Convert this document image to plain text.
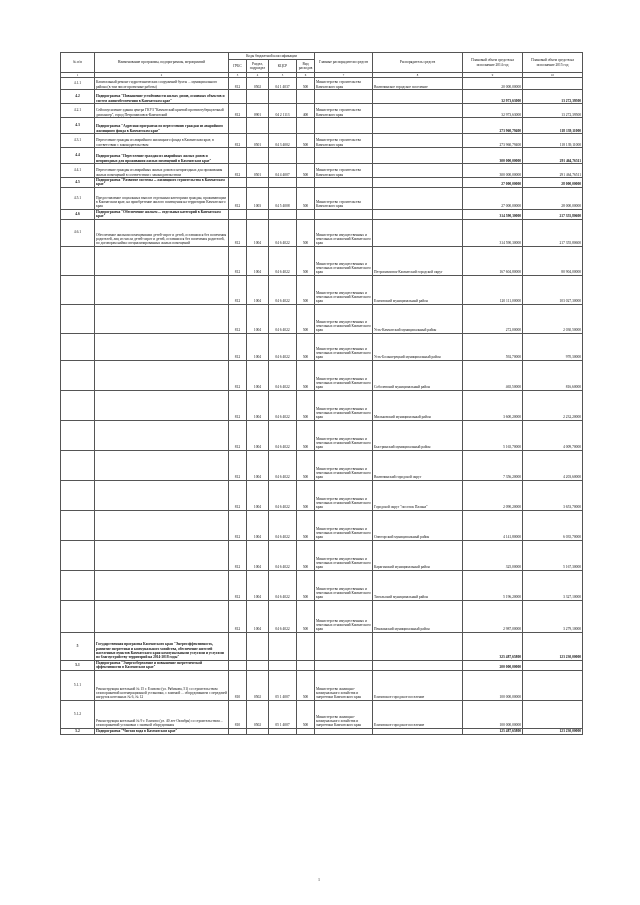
№ п/п	Наименование программы, подпрограммы, мероприятий	Коды бюджетной классификации				Главные распорядители средств	Распорядитель средств	Плановый объем средств на исполнение 2014 год	Плановый объем средств на исполнение 2015 год
		ГРБС	Раздел, подраздел	КЦСР	Вид расходов				
1	2	3	4	5	6	7	8	9	10
4.1.1	Капитальный ремонт гидротехнических сооружений бухты ... муниципального района (в том числе проектные работы)	812	0502	04 1 4037	500	Министерство строительства Камчатского края	Вилючинское городское поселение	20 000,00000	
4.2	Подпрограмма "Повышение устойчивости жилых домов, основных объектов и систем жизнеобеспечения в Камчатском крае"							32 973,63000	13 272,39500
4.2.1	Сейсмоусиление здания центра ГКУЗ "Камчатский краевой противотуберкулезный диспансер", город Петропавловск-Камчатский	812	0901	04 2 1113	400	Министерство строительства Камчатского края		32 973,63000	13 272,39500
4.3	Подпрограмма "Адресная программа по переселению граждан из аварийного жилищного фонда в Камчатском крае"							273 960,79400	118 139,11000
4.3.1	Переселение граждан из аварийного жилищного фонда в Камчатском крае, в соответствии с законодательством	812	0501	04 3 4002	500	Министерство строительства Камчатского края		273 960,79400	118 139,11000
4.4	Подпрограмма "Переселение граждан из аварийных жилых домов и непригодных для проживания жилых помещений в Камчатском крае"							300 000,00000	291 464,76511
4.4.1	Переселение граждан из аварийных жилых домов и непригодных для проживания жилых помещений в соответствии с законодательством	812	0501	04 4 4007	500	Министерство строительства Камчатского края		300 000,00000	291 464,76511
4.5	Подпрограмма "Развитие системы ... жилищного строительства в Камчатском крае"							27 000,00000	28 000,00000
4.5.1	Предоставление социальных выплат отдельным категориям граждан, проживающим в Камчатском крае, на приобретение жилого помещения на территории Камчатского края	812	1003	04 5 4008	500	Министерство строительства Камчатского края		27 000,00000	28 000,00000
4.6	Подпрограмма "Обеспечение жильем ... отдельных категорий в Камчатском крае"							314 590,30000	217 355,80600
4.6.1	Обеспечение жилыми помещениями детей-сирот и детей, оставшихся без попечения родителей, лиц из числа детей-сирот и детей, оставшихся без попечения родителей, по договорам найма специализированных жилых помещений	812	1004	04 6 4022	500	Министерство имущественных и земельных отношений Камчатского края		314 590,30000	217 355,80600
		812	1004	04 6 4022	500	Министерство имущественных и земельных отношений Камчатского края	Петропавловск-Камчатский городской округ	167 604,80000	80 904,00000
		812	1004	04 6 4022	500	Министерство имущественных и земельных отношений Камчатского края	Елизовский муниципальный район	120 111,00000	103 027,30000
		812	1004	04 6 4022	500	Министерство имущественных и земельных отношений Камчатского края	Усть-Камчатский муниципальный район	272,00000	2 030,50000
		812	1004	04 6 4022	500	Министерство имущественных и земельных отношений Камчатского края	Усть-Большерецкий муниципальный район	592,70000	970,30000
		812	1004	04 6 4022	500	Министерство имущественных и земельных отношений Камчатского края	Соболевский муниципальный район	465,50000	816,60000
		812	1004	04 6 4022	500	Министерство имущественных и земельных отношений Камчатского края	Мильковский муниципальный район	3 600,20000	2 232,20000
		812	1004	04 6 4022	500	Министерство имущественных и земельных отношений Камчатского края	Быстринский муниципальный район	5 165,70000	4 009,70000
		812	1004	04 6 4022	500	Министерство имущественных и земельных отношений Камчатского края	Вилючинский городской округ	7 356,20000	4 203,60000
		812	1004	04 6 4022	500	Министерство имущественных и земельных отношений Камчатского края	Городской округ "поселок Палана"	2 090,20000	3 653,70000
		812	1004	04 6 4022	500	Министерство имущественных и земельных отношений Камчатского края	Олюторский муниципальный район	4 141,80000	6 035,70000
		812	1004	04 6 4022	500	Министерство имущественных и земельных отношений Камчатского края	Карагинский муниципальный район	325,00000	5 167,30000
		812	1004	04 6 4022	500	Министерство имущественных и земельных отношений Камчатского края	Тигильский муниципальный район	5 196,20000	3 327,10000
		812	1004	04 6 4022	500	Министерство имущественных и земельных отношений Камчатского края	Пенжинский муниципальный район	2 987,00000	3 279,10000
5	Государственная программа Камчатского края "Энергоэффективность, развитие энергетики и коммунального хозяйства, обеспечение жителей населенных пунктов Камчатского края коммунальными услугами и услугами по благоустройству территорий на 2014-2018 годы"							325 487,65800	123 230,00000
5.1	Подпрограмма "Энергосбережение и повышение энергетической эффективности в Камчатском крае"							200 000,00000	
5.1.1	Реконструкция котельной № 15 г. Елизово (ул. Рябикова, 51) со строительством газопоршневой когенерационной установки, с заменой ... оборудованием с передачей нагрузок котельных № 6, № 12	810	0502	05 1 4007	500	Министерство жилищно-коммунального хозяйства и энергетики Камчатского края	Елизовское городское поселение	100 000,00000	
5.1.2	Реконструкция котельной № 9 г. Елизово (ул. 40 лет Октября) со строительством ... газопоршневой установки с заменой оборудования	810	0502	05 1 4007	500	Министерство жилищно-коммунального хозяйства и энергетики Камчатского края	Елизовское городское поселение	100 000,00000	
5.2	Подпрограмма "Чистая вода в Камчатском крае"							125 487,65800	123 230,00000
1
